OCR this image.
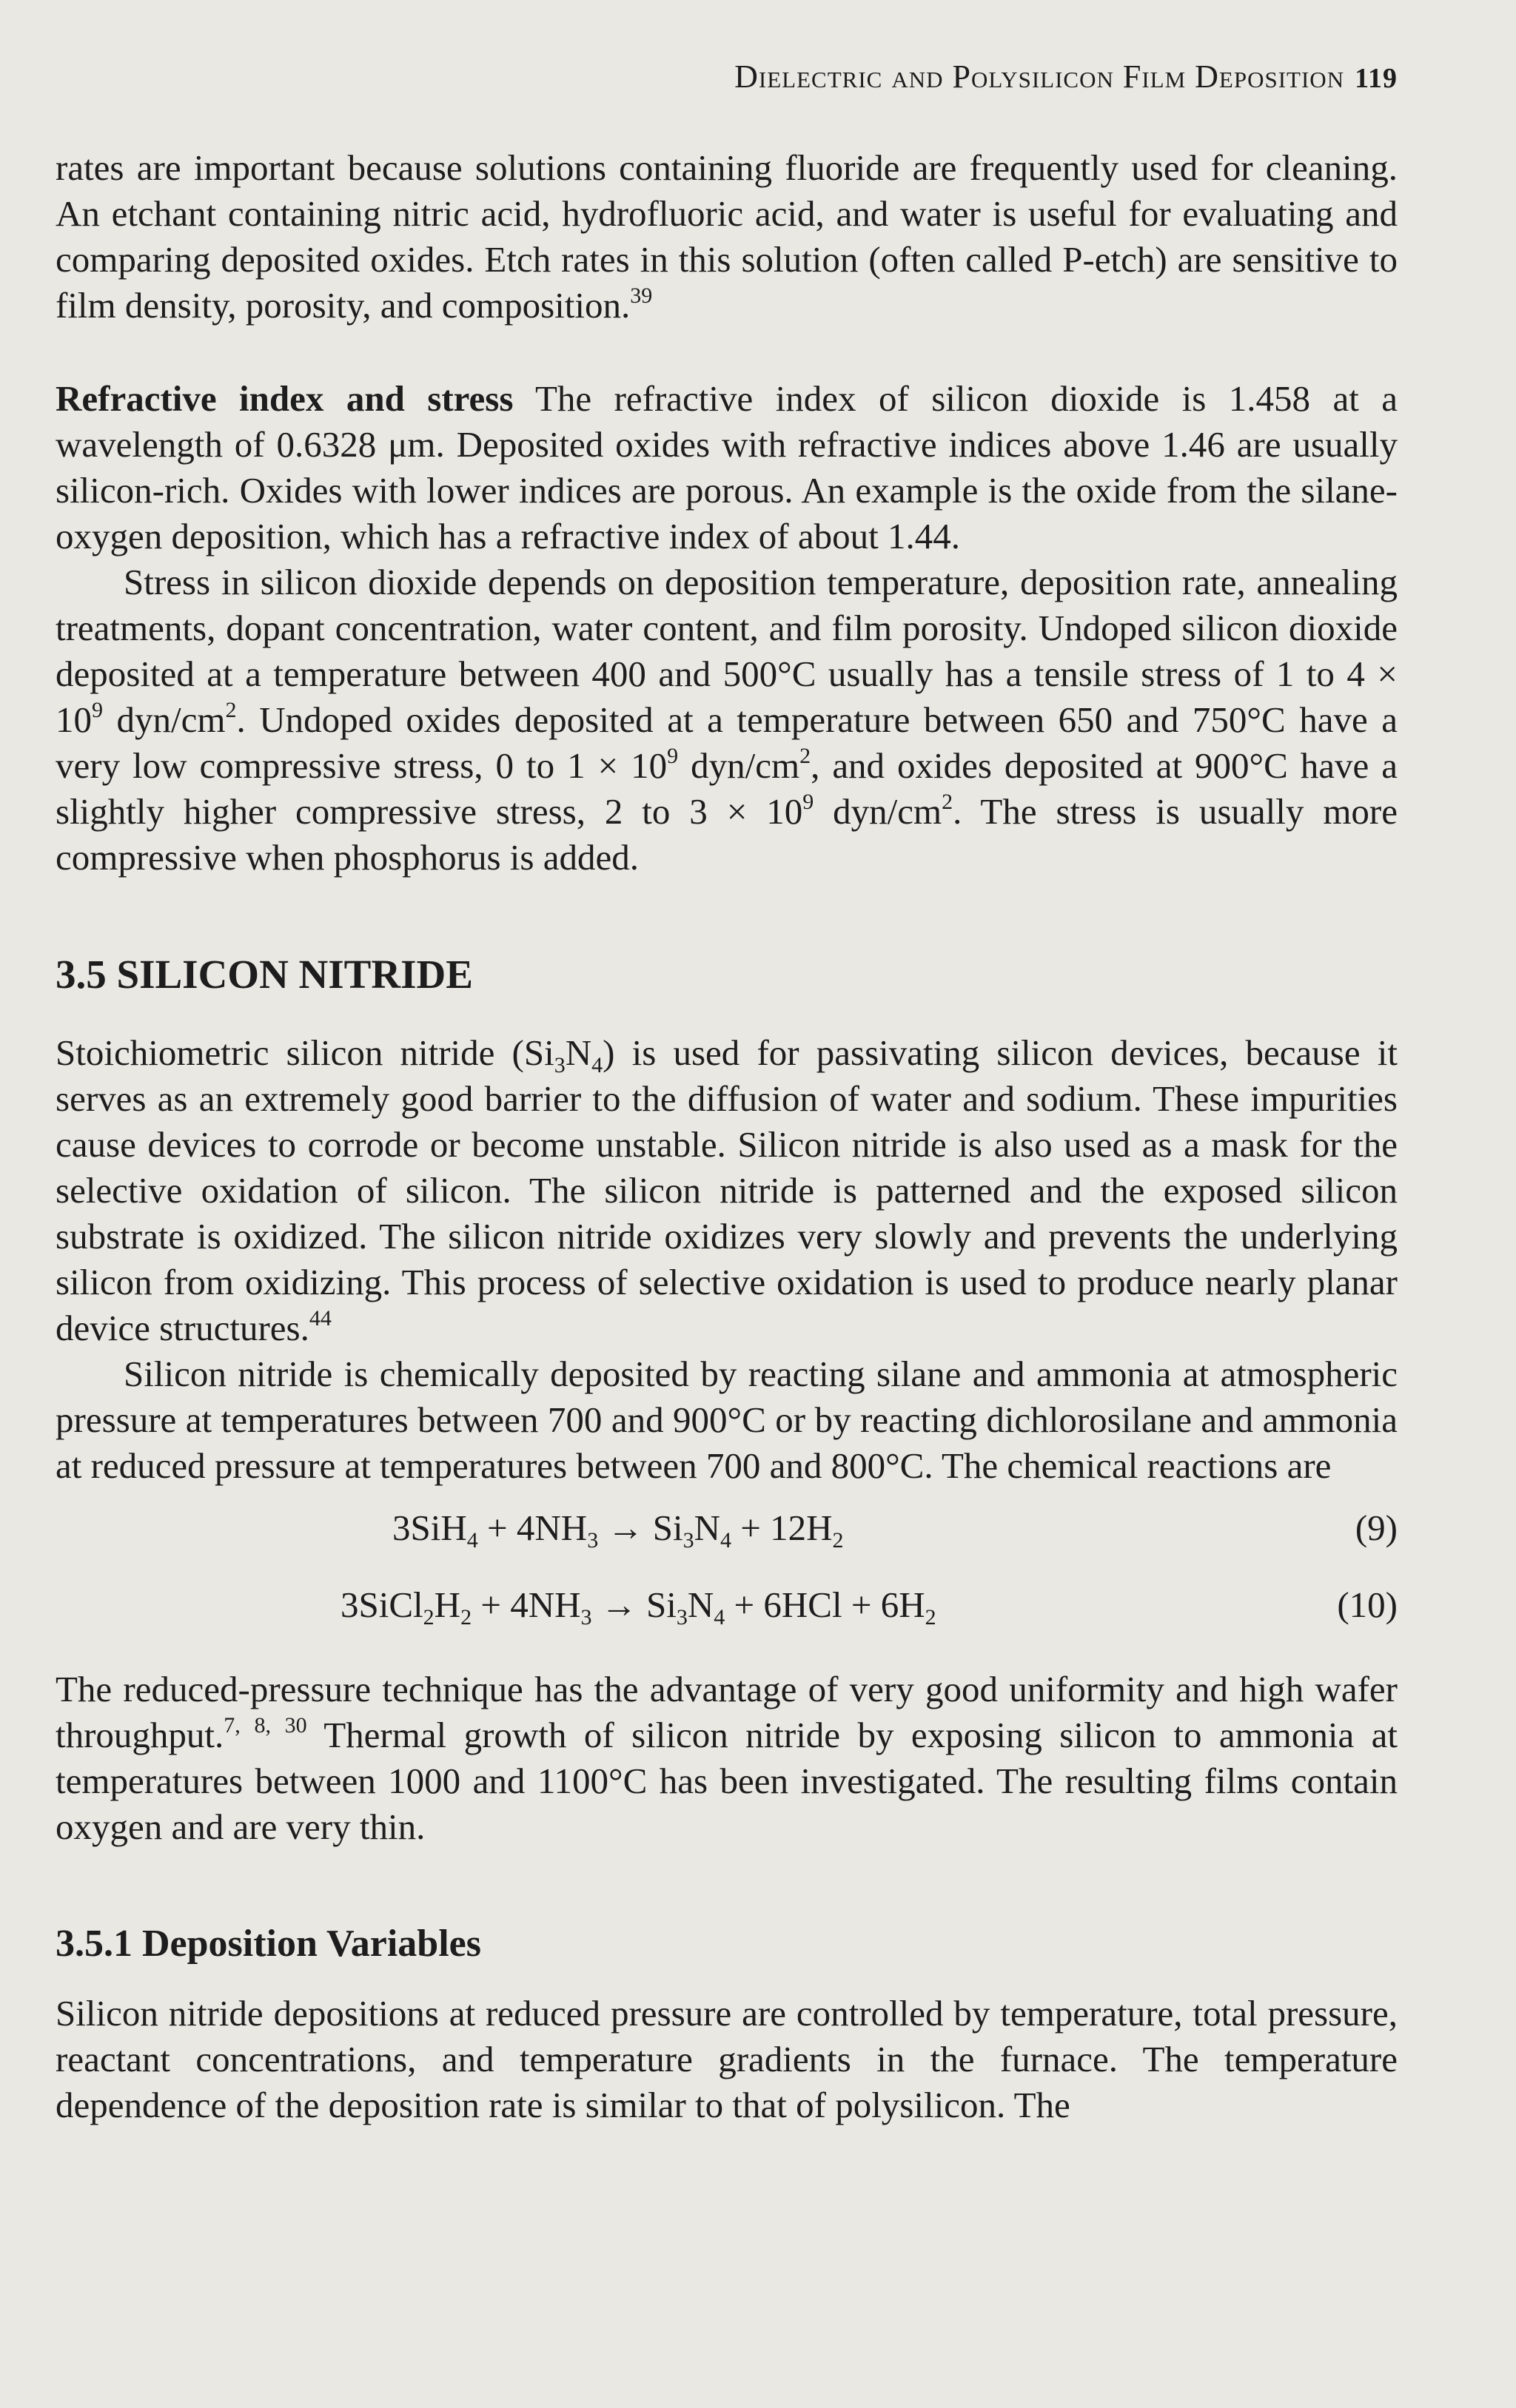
Dielectric and Polysilicon Film Deposition 119

rates are important because solutions containing fluoride are frequently used for cleaning. An etchant containing nitric acid, hydrofluoric acid, and water is useful for evaluating and comparing deposited oxides. Etch rates in this solution (often called P-etch) are sensitive to film density, porosity, and composition.$^{39}$

Refractive index and stress The refractive index of silicon dioxide is 1.458 at a wavelength of 0.6328 μm. Deposited oxides with refractive indices above 1.46 are usually silicon-rich. Oxides with lower indices are porous. An example is the oxide from the silane-oxygen deposition, which has a refractive index of about 1.44.

Stress in silicon dioxide depends on deposition temperature, deposition rate, annealing treatments, dopant concentration, water content, and film porosity. Undoped silicon dioxide deposited at a temperature between 400 and 500°C usually has a tensile stress of 1 to $4 \times 10^9$ dyn/$cm^2$. Undoped oxides deposited at a temperature between 650 and 750°C have a very low compressive stress, 0 to $1 \times 10^9$ dyn/$cm^2$, and oxides deposited at 900°C have a slightly higher compressive stress, 2 to $3 \times 10^9$ dyn/$cm^2$. The stress is usually more compressive when phosphorus is added.

3.5 SILICON NITRIDE

Stoichiometric silicon nitride $(Si_3N_4)$ is used for passivating silicon devices, because it serves as an extremely good barrier to the diffusion of water and sodium. These impurities cause devices to corrode or become unstable. Silicon nitride is also used as a mask for the selective oxidation of silicon. The silicon nitride is patterned and the exposed silicon substrate is oxidized. The silicon nitride oxidizes very slowly and prevents the underlying silicon from oxidizing. This process of selective oxidation is used to produce nearly planar device structures.$^{44}$

Silicon nitride is chemically deposited by reacting silane and ammonia at atmospheric pressure at temperatures between 700 and 900°C or by reacting dichlorosilane and ammonia at reduced pressure at temperatures between 700 and 800°C. The chemical reactions are

$3SiH_4 + 4NH_3 \to Si_3N_4 + 12H_2$	(9)
$3SiCl_2H_2 + 4NH_3 \to Si_3N_4 + 6HCl + 6H_2$	(10)

The reduced-pressure technique has the advantage of very good uniformity and high wafer throughput.$^{7, 8, 30}$ Thermal growth of silicon nitride by exposing silicon to ammonia at temperatures between 1000 and 1100°C has been investigated. The resulting films contain oxygen and are very thin.

3.5.1 Deposition Variables

Silicon nitride depositions at reduced pressure are controlled by temperature, total pressure, reactant concentrations, and temperature gradients in the furnace. The temperature dependence of the deposition rate is similar to that of polysilicon. The
